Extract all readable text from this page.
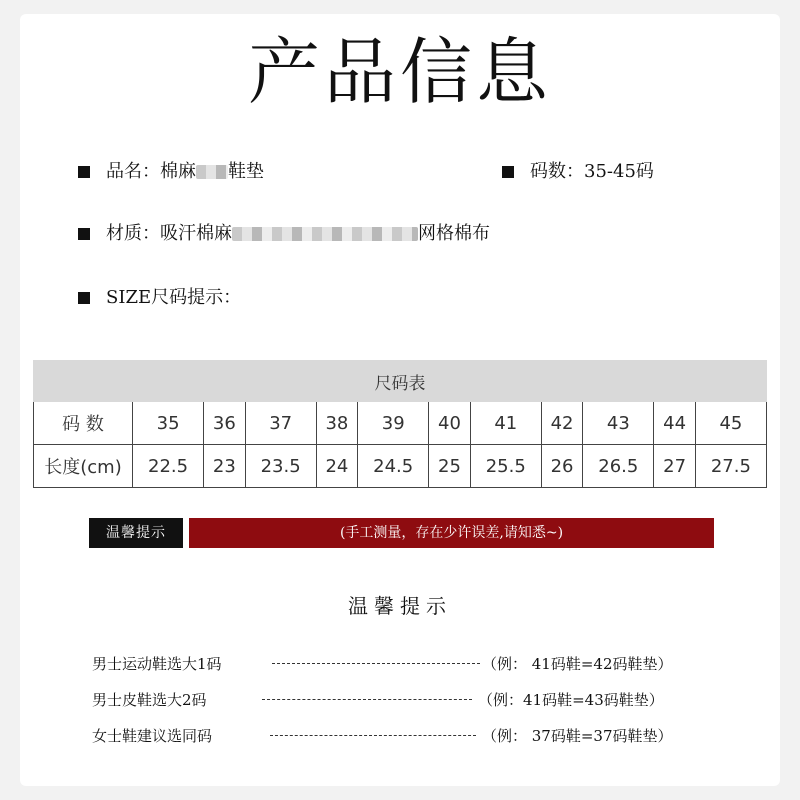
产品信息
品名：棉麻 鞋垫	码数：35-45码
材质：吸汗棉麻	网格棉布
SIZE尺码提示：
尺码表											
码 数	35	36	37	38	39	40	41	42	43	44	45
长度(cm)	22.5	23	23.5	24	24.5	25	25.5	26	26.5	27	27.5
温馨提示	(手工测量，存在少许误差,请知悉~)
温馨提示
男士运动鞋选大1码	（例： 41码鞋=42码鞋垫）
男士皮鞋选大2码	（例：41码鞋=43码鞋垫）
女士鞋建议选同码	（例： 37码鞋=37码鞋垫）
